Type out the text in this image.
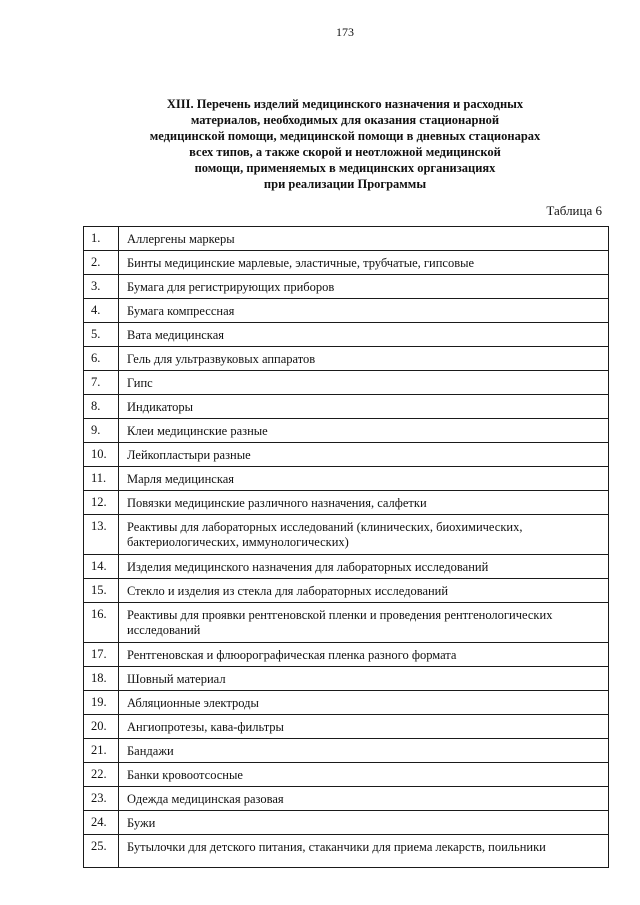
173
XIII. Перечень изделий медицинского назначения и расходных
материалов, необходимых для оказания стационарной
медицинской помощи, медицинской помощи в дневных стационарах
всех типов, а также скорой и неотложной медицинской
помощи, применяемых в медицинских организациях
при реализации Программы
Таблица 6
1.	Аллергены маркеры
2.	Бинты медицинские марлевые, эластичные, трубчатые, гипсовые
3.	Бумага для регистрирующих приборов
4.	Бумага компрессная
5.	Вата медицинская
6.	Гель для ультразвуковых аппаратов
7.	Гипс
8.	Индикаторы
9.	Клеи медицинские разные
10.	Лейкопластыри разные
11.	Марля медицинская
12.	Повязки медицинские различного назначения, салфетки
13.	Реактивы для лабораторных исследований (клинических, биохимических, бактериологических, иммунологических)
14.	Изделия медицинского назначения для лабораторных исследований
15.	Стекло и изделия из стекла для лабораторных исследований
16.	Реактивы для проявки рентгеновской пленки и проведения рентгенологических исследований
17.	Рентгеновская и флюорографическая пленка разного формата
18.	Шовный материал
19.	Абляционные электроды
20.	Ангиопротезы, кава-фильтры
21.	Бандажи
22.	Банки кровоотсосные
23.	Одежда медицинская разовая
24.	Бужи
25.	Бутылочки для детского питания, стаканчики для приема лекарств, поильники
